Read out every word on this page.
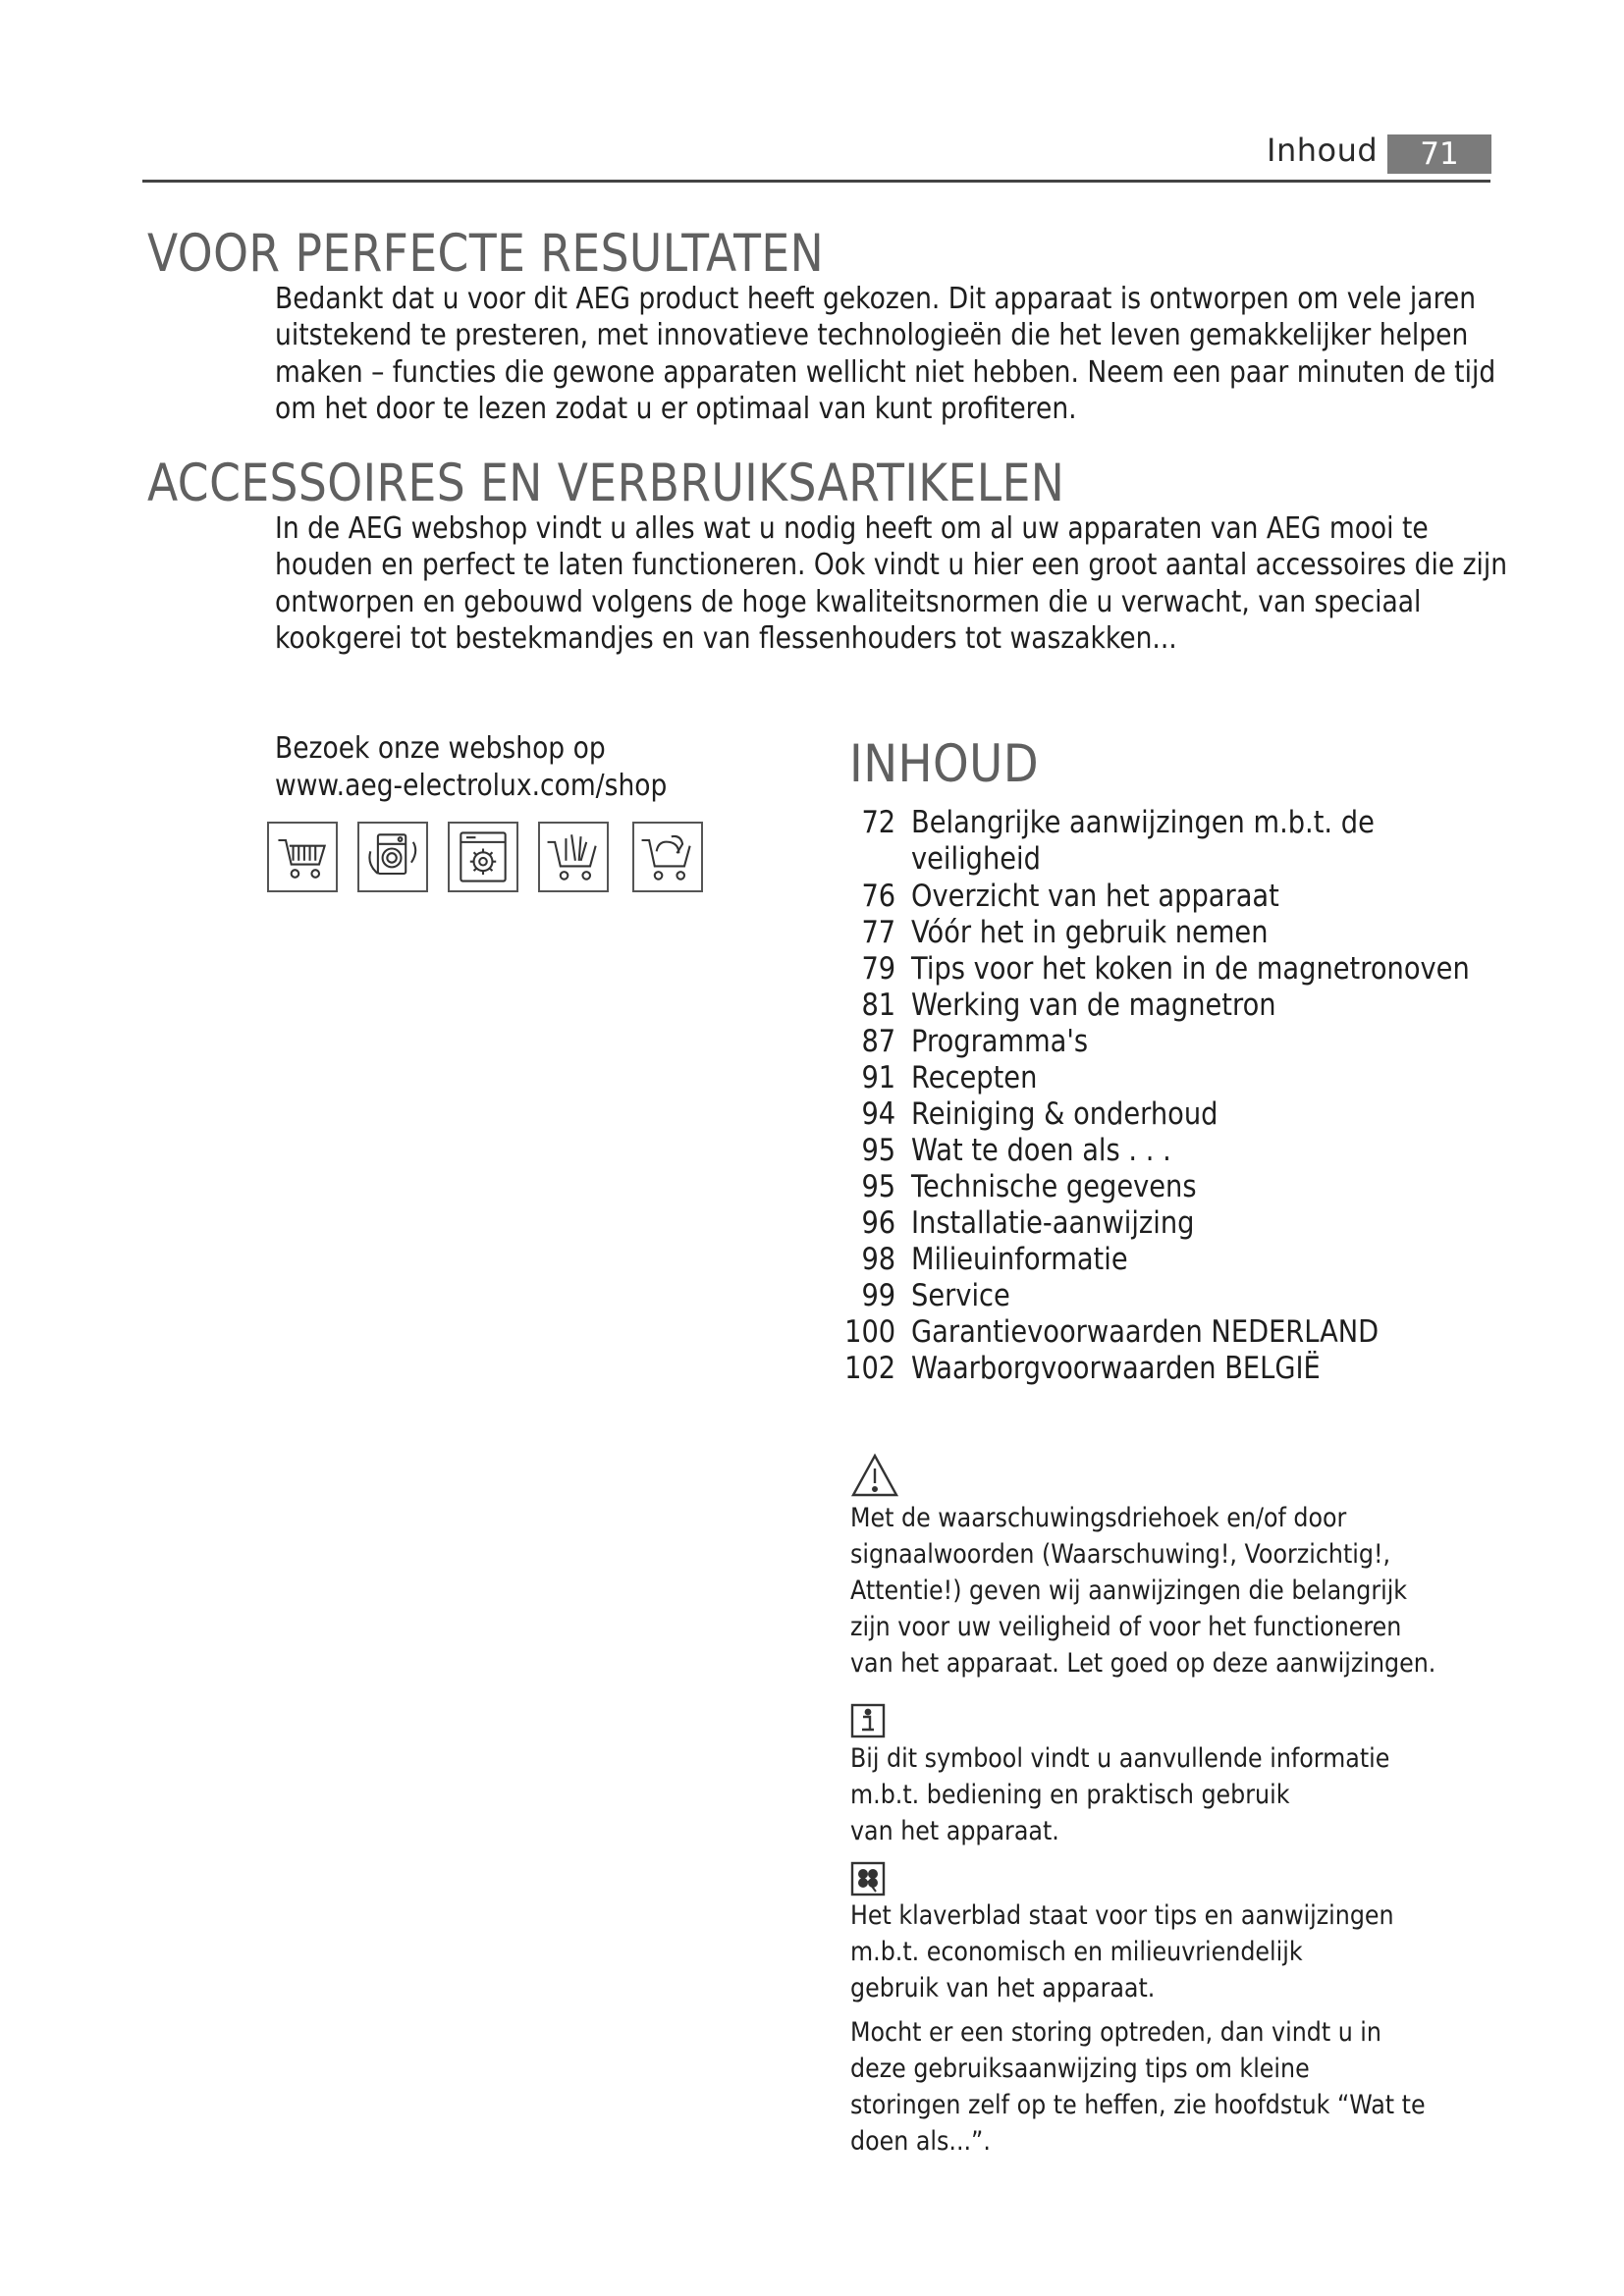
Inhoud	71
VOOR PERFECTE RESULTATEN
Bedankt dat u voor dit AEG product heeft gekozen. Dit apparaat is ontworpen om vele jaren
uitstekend te presteren, met innovatieve technologieën die het leven gemakkelijker helpen
maken – functies die gewone apparaten wellicht niet hebben. Neem een paar minuten de tijd
om het door te lezen zodat u er optimaal van kunt profiteren.
ACCESSOIRES EN VERBRUIKSARTIKELEN
In de AEG webshop vindt u alles wat u nodig heeft om al uw apparaten van AEG mooi te
houden en perfect te laten functioneren. Ook vindt u hier een groot aantal accessoires die zijn
ontworpen en gebouwd volgens de hoge kwaliteitsnormen die u verwacht, van speciaal
kookgerei tot bestekmandjes en van flessenhouders tot waszakken...
Bezoek onze webshop op
www.aeg-electrolux.com/shop	INHOUD
72 Belangrijke aanwijzingen m.b.t. de
veiligheid
76 Overzicht van het apparaat
77 Vóór het in gebruik nemen
79 Tips voor het koken in de magnetronoven
81 Werking van de magnetron
87 Programma's
91 Recepten
94 Reiniging & onderhoud
95 Wat te doen als . . .
95 Technische gegevens
96 Installatie-aanwijzing
98 Milieuinformatie
99 Service
100 Garantievoorwaarden NEDERLAND
102 Waarborgvoorwaarden BELGIË
Met de waarschuwingsdriehoek en/of door
signaalwoorden (Waarschuwing!, Voorzichtig!,
Attentie!) geven wij aanwijzingen die belangrijk
zijn voor uw veiligheid of voor het functioneren
van het apparaat. Let goed op deze aanwijzingen.
Bij dit symbool vindt u aanvullende informatie
m.b.t. bediening en praktisch gebruik
van het apparaat.
Het klaverblad staat voor tips en aanwijzingen
m.b.t. economisch en milieuvriendelijk
gebruik van het apparaat.
Mocht er een storing optreden, dan vindt u in
deze gebruiksaanwijzing tips om kleine
storingen zelf op te heffen, zie hoofdstuk “Wat te
doen als...”.
